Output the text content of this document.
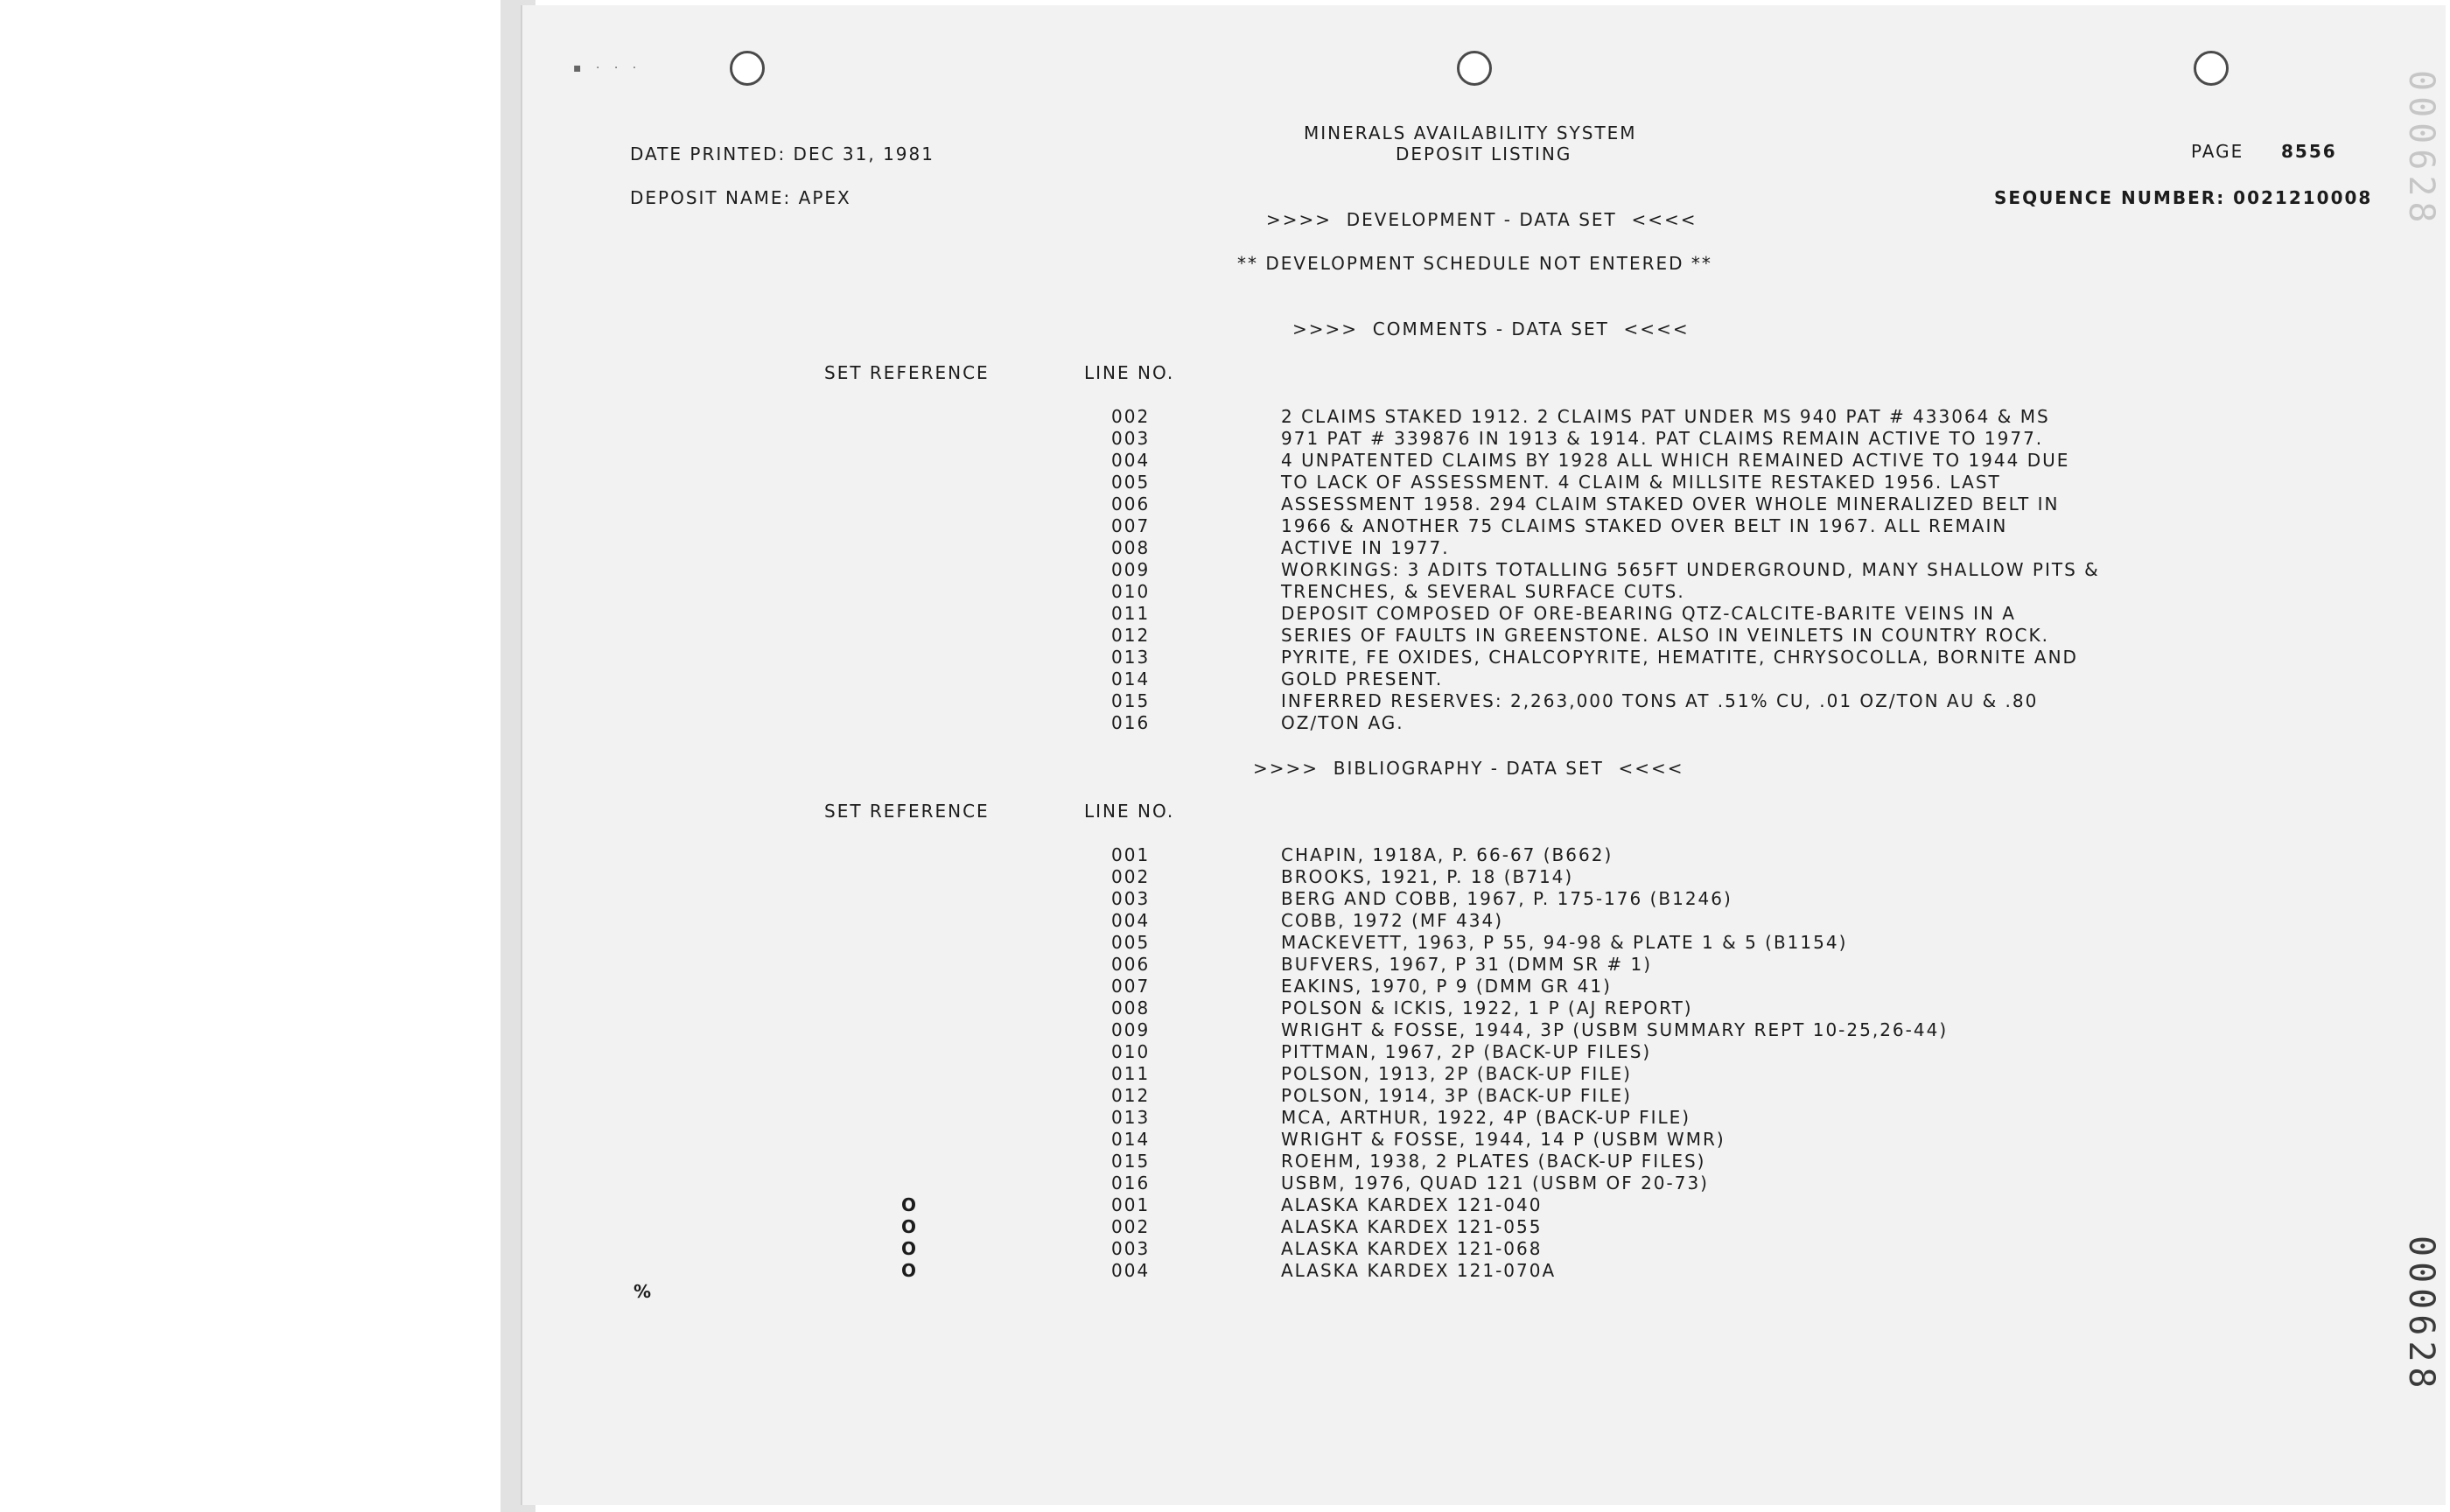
MINERALS AVAILABILITY SYSTEM
DEPOSIT LISTING
DATE PRINTED: DEC 31, 1981	PAGE 8556
DEPOSIT NAME: APEX	SEQUENCE NUMBER: 0021210008
>>>>  DEVELOPMENT - DATA SET  <<<<
** DEVELOPMENT SCHEDULE NOT ENTERED **
>>>>  COMMENTS - DATA SET  <<<<
SET REFERENCE	LINE NO.
002	2 CLAIMS STAKED 1912. 2 CLAIMS PAT UNDER MS 940 PAT # 433064 & MS
003	971 PAT # 339876 IN 1913 & 1914. PAT CLAIMS REMAIN ACTIVE TO 1977.
004	4 UNPATENTED CLAIMS BY 1928 ALL WHICH REMAINED ACTIVE TO 1944 DUE
005	TO LACK OF ASSESSMENT. 4 CLAIM & MILLSITE RESTAKED 1956. LAST
006	ASSESSMENT 1958. 294 CLAIM STAKED OVER WHOLE MINERALIZED BELT IN
007	1966 & ANOTHER 75 CLAIMS STAKED OVER BELT IN 1967. ALL REMAIN
008	ACTIVE IN 1977.
009	WORKINGS: 3 ADITS TOTALLING 565FT UNDERGROUND, MANY SHALLOW PITS &
010	TRENCHES, & SEVERAL SURFACE CUTS.
011	DEPOSIT COMPOSED OF ORE-BEARING QTZ-CALCITE-BARITE VEINS IN A
012	SERIES OF FAULTS IN GREENSTONE. ALSO IN VEINLETS IN COUNTRY ROCK.
013	PYRITE, FE OXIDES, CHALCOPYRITE, HEMATITE, CHRYSOCOLLA, BORNITE AND
014	GOLD PRESENT.
015	INFERRED RESERVES: 2,263,000 TONS AT .51% CU, .01 OZ/TON AU & .80
016	OZ/TON AG.
>>>>  BIBLIOGRAPHY - DATA SET  <<<<
SET REFERENCE	LINE NO.
001	CHAPIN, 1918A, P. 66-67 (B662)
002	BROOKS, 1921, P. 18 (B714)
003	BERG AND COBB, 1967, P. 175-176 (B1246)
004	COBB, 1972 (MF 434)
005	MACKEVETT, 1963, P 55, 94-98 & PLATE 1 & 5 (B1154)
006	BUFVERS, 1967, P 31 (DMM SR # 1)
007	EAKINS, 1970, P 9 (DMM GR 41)
008	POLSON & ICKIS, 1922, 1 P (AJ REPORT)
009	WRIGHT & FOSSE, 1944, 3P (USBM SUMMARY REPT 10-25,26-44)
010	PITTMAN, 1967, 2P (BACK-UP FILES)
011	POLSON, 1913, 2P (BACK-UP FILE)
012	POLSON, 1914, 3P (BACK-UP FILE)
013	MCA, ARTHUR, 1922, 4P (BACK-UP FILE)
014	WRIGHT & FOSSE, 1944, 14 P (USBM WMR)
015	ROEHM, 1938, 2 PLATES (BACK-UP FILES)
016	USBM, 1976, QUAD 121 (USBM OF 20-73)
O	001	ALASKA KARDEX 121-040
O	002	ALASKA KARDEX 121-055
O	003	ALASKA KARDEX 121-068
O	004	ALASKA KARDEX 121-070A
%
▪ · · ·
000628
000628
